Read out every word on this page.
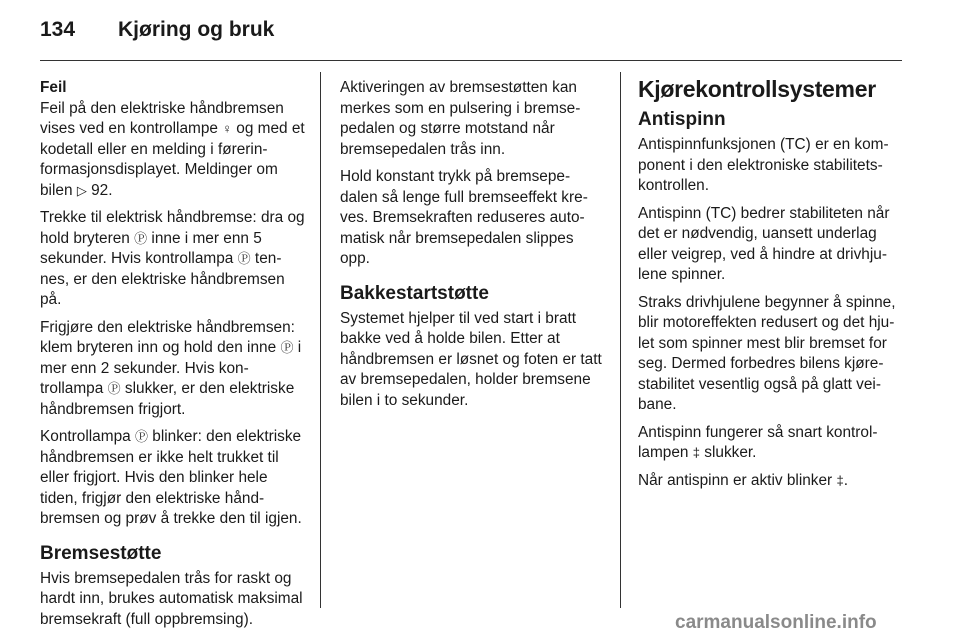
134 Kjøring og bruk
Feil

Feil på den elektriske håndbremsen vises ved en kontrollampe ♀ og med et kodetall eller en melding i førerinformasjonsdisplayet. Meldinger om bilen ▷ 92.

Trekke til elektrisk håndbremse: dra og hold bryteren Ⓟ inne i mer enn 5 sekunder. Hvis kontrollampa Ⓟ tennes, er den elektriske håndbremsen på.

Frigjøre den elektriske håndbremsen: klem bryteren inn og hold den inne Ⓟ i mer enn 2 sekunder. Hvis kontrollampa Ⓟ slukker, er den elektriske håndbremsen frigjort.

Kontrollampa Ⓟ blinker: den elektriske håndbremsen er ikke helt trukket til eller frigjort. Hvis den blinker hele tiden, frigjør den elektriske håndbremsen og prøv å trekke den til igjen.

Bremsestøtte

Hvis bremsepedalen trås for raskt og hardt inn, brukes automatisk maksimal bremsekraft (full oppbremsing).

Aktiveringen av bremsestøtten kan merkes som en pulsering i bremsepedalen og større motstand når bremsepedalen trås inn.

Hold konstant trykk på bremsepedalen så lenge full bremseeffekt kreves. Bremsekraften reduseres automatisk når bremsepedalen slippes opp.

Bakkestartstøtte

Systemet hjelper til ved start i bratt bakke ved å holde bilen. Etter at håndbremsen er løsnet og foten er tatt av bremsepedalen, holder bremsene bilen i to sekunder.

Kjørekontrollsystemer
Antispinn

Antispinnfunksjonen (TC) er en komponent i den elektroniske stabilitetskontrollen.

Antispinn (TC) bedrer stabiliteten når det er nødvendig, uansett underlag eller veigrep, ved å hindre at drivhjulene spinner.

Straks drivhjulene begynner å spinne, blir motoreffekten redusert og det hjulet som spinner mest blir bremset for seg. Dermed forbedres bilens kjørestabilitet vesentlig også på glatt veibane.

Antispinn fungerer så snart kontrollampen ‡ slukker.

Når antispinn er aktiv blinker ‡.

carmanualsonline.info
